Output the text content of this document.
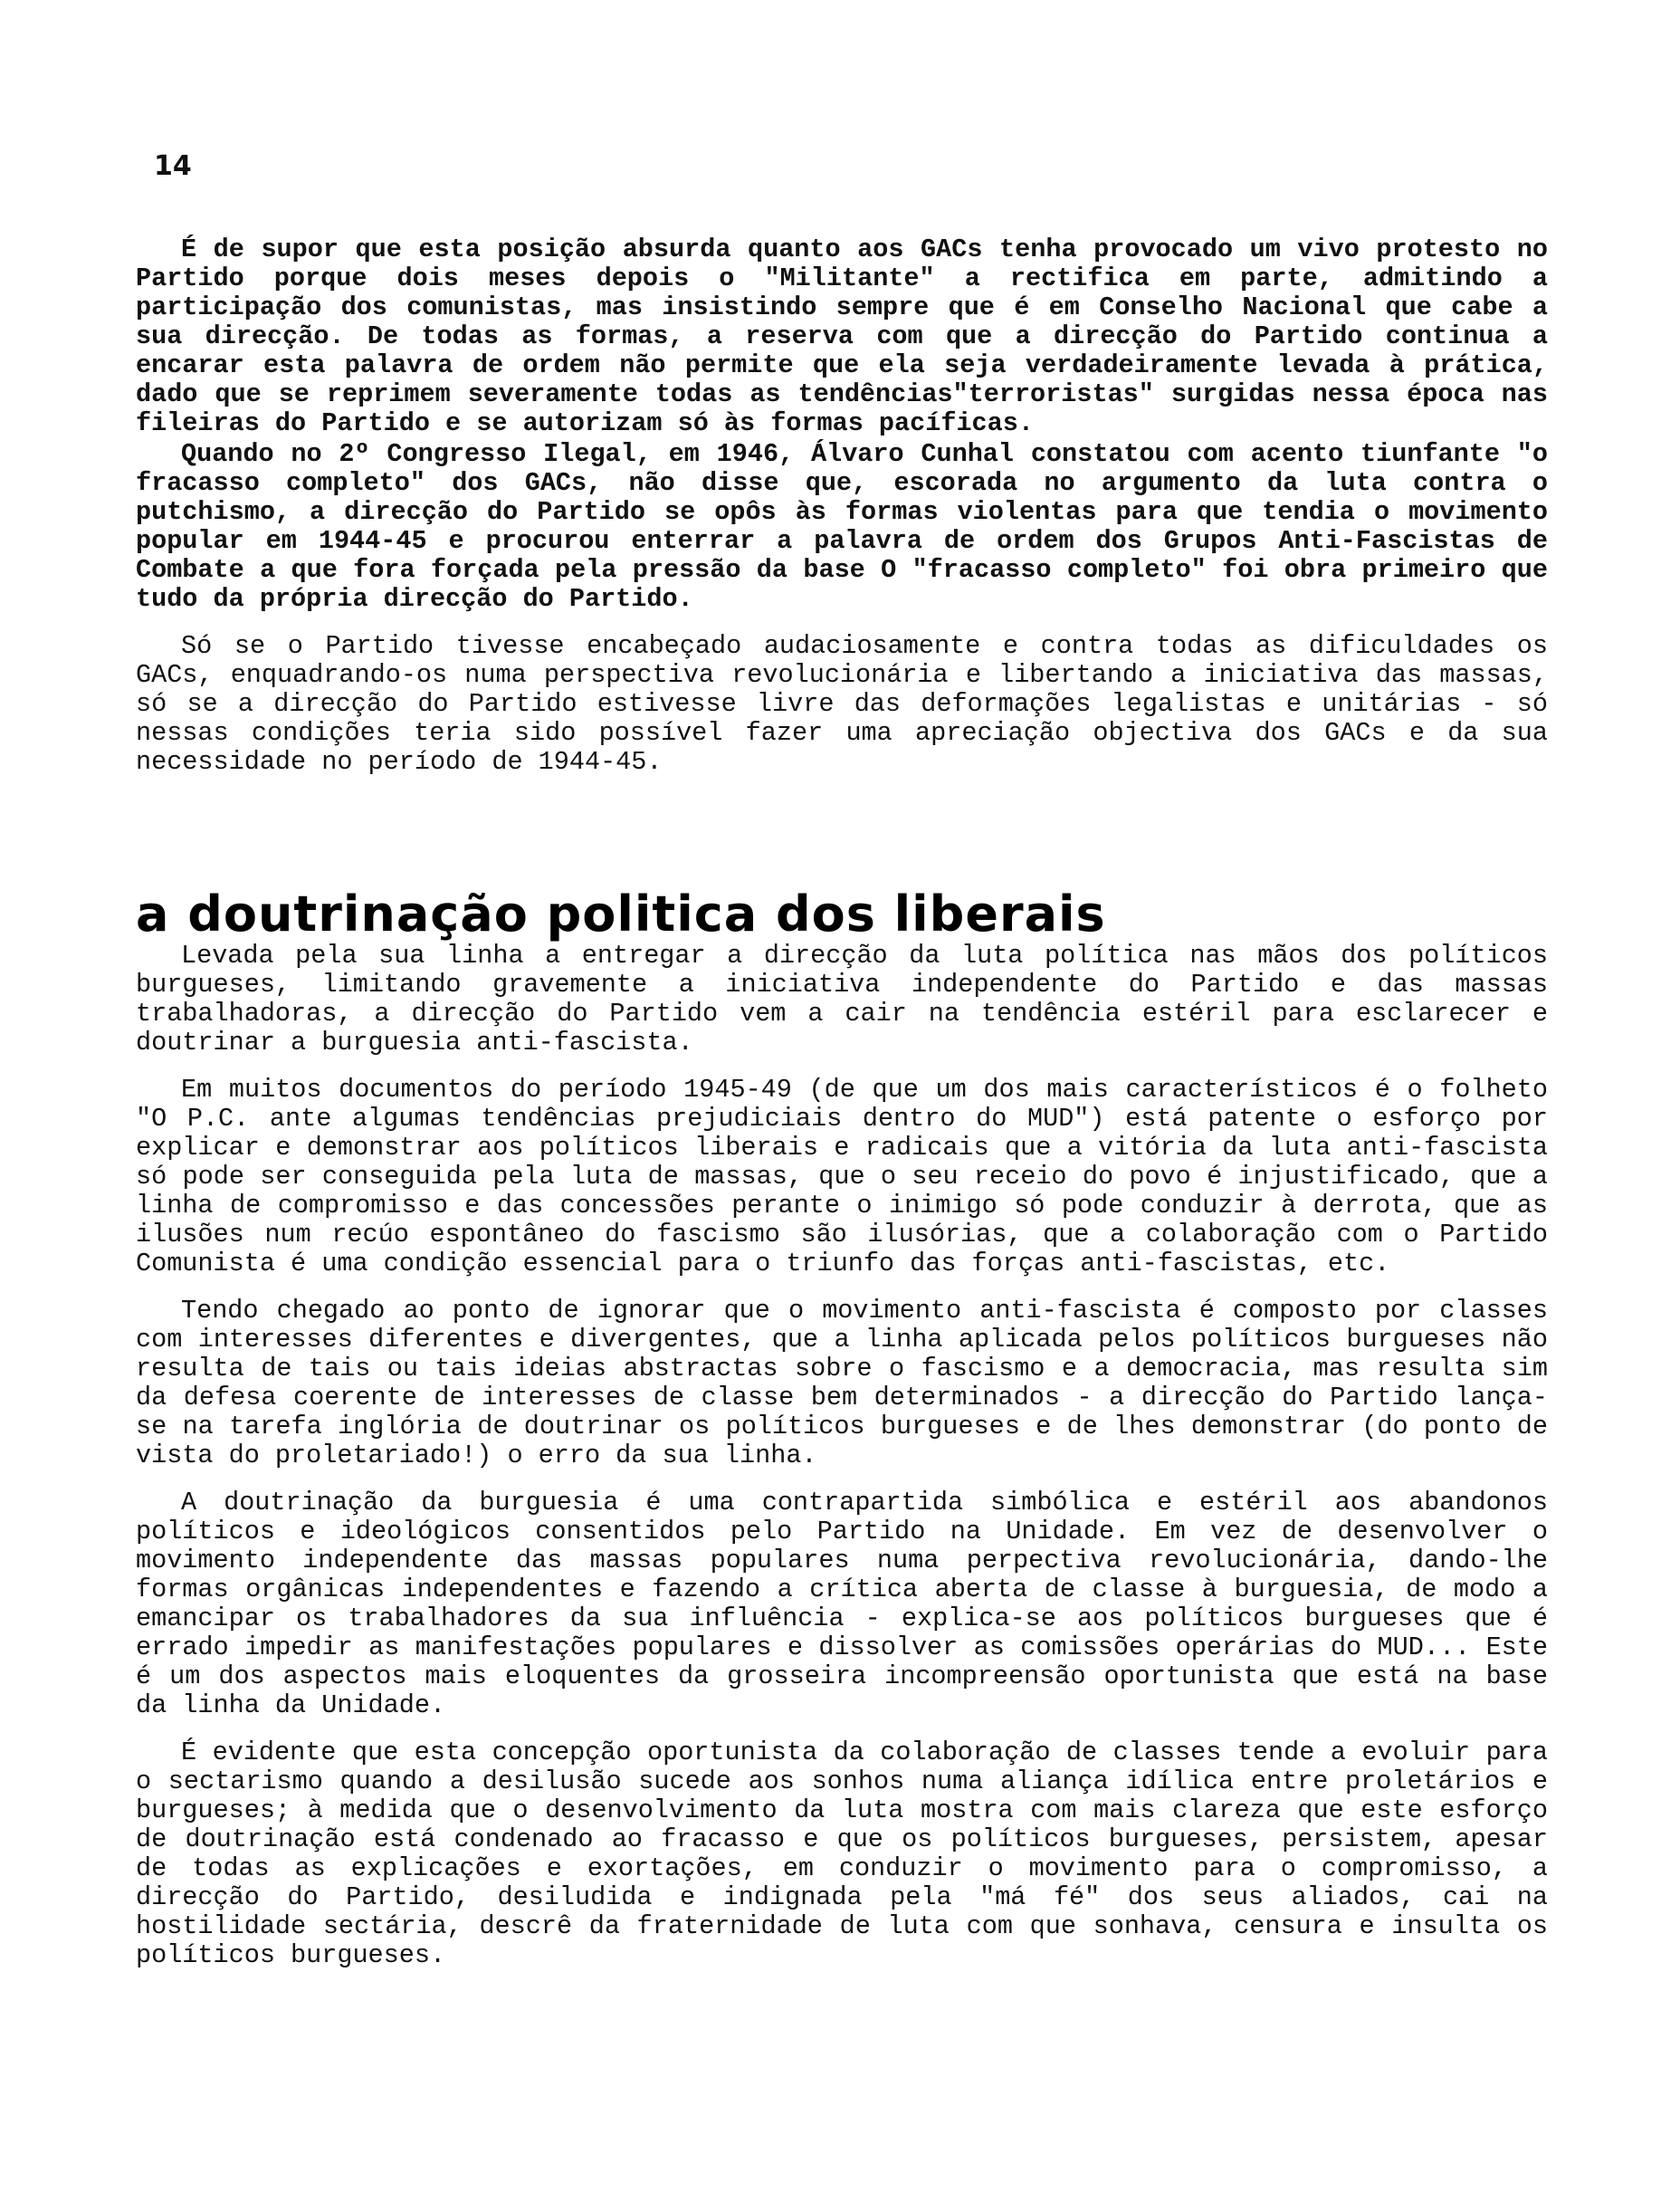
14

É de supor que esta posição absurda quanto aos GACs tenha provocado um vivo protesto no Partido porque dois meses depois o "Militante" a rectifica em parte, admitindo a participação dos comunistas, mas insistindo sempre que é em Conselho Nacional que cabe a sua direcção. De todas as formas, a reserva com que a direcção do Partido continua a encarar esta palavra de ordem não permite que ela seja verdadeiramente levada à prática, dado que se reprimem severamente todas as tendências"terroristas" surgidas nessa época nas fileiras do Partido e se autorizam só às formas pacíficas.

Quando no 2º Congresso Ilegal, em 1946, Álvaro Cunhal constatou com acento tiunfante "o fracasso completo" dos GACs, não disse que, escorada no argumento da luta contra o putchismo, a direcção do Partido se opôs às formas violentas para que tendia o movimento popular em 1944-45 e procurou enterrar a palavra de ordem dos Grupos Anti-Fascistas de Combate a que fora forçada pela pressão da base O "fracasso completo" foi obra primeiro que tudo da própria direcção do Partido.

Só se o Partido tivesse encabeçado audaciosamente e contra todas as dificuldades os GACs, enquadrando-os numa perspectiva revolucionária e libertando a iniciativa das massas, só se a direcção do Partido estivesse livre das deformações legalistas e unitárias - só nessas condições teria sido possível fazer uma apreciação objectiva dos GACs e da sua necessidade no período de 1944-45.

a doutrinação politica dos liberais

Levada pela sua linha a entregar a direcção da luta política nas mãos dos políticos burgueses, limitando gravemente a iniciativa independente do Partido e das massas trabalhadoras, a direcção do Partido vem a cair na tendência estéril para esclarecer e doutrinar a burguesia anti-fascista.

Em muitos documentos do período 1945-49 (de que um dos mais característicos é o folheto "O P.C. ante algumas tendências prejudiciais dentro do MUD") está patente o esforço por explicar e demonstrar aos políticos liberais e radicais que a vitória da luta anti-fascista só pode ser conseguida pela luta de massas, que o seu receio do povo é injustificado, que a linha de compromisso e das concessões perante o inimigo só pode conduzir à derrota, que as ilusões num recúo espontâneo do fascismo são ilusórias, que a colaboração com o Partido Comunista é uma condição essencial para o triunfo das forças anti-fascistas, etc.

Tendo chegado ao ponto de ignorar que o movimento anti-fascista é composto por classes com interesses diferentes e divergentes, que a linha aplicada pelos políticos burgueses não resulta de tais ou tais ideias abstractas sobre o fascismo e a democracia, mas resulta sim da defesa coerente de interesses de classe bem determinados - a direcção do Partido lança-se na tarefa inglória de doutrinar os políticos burgueses e de lhes demonstrar (do ponto de vista do proletariado!) o erro da sua linha.

A doutrinação da burguesia é uma contrapartida simbólica e estéril aos abandonos políticos e ideológicos consentidos pelo Partido na Unidade. Em vez de desenvolver o movimento independente das massas populares numa perpectiva revolucionária, dando-lhe formas orgânicas independentes e fazendo a crítica aberta de classe à burguesia, de modo a emancipar os trabalhadores da sua influência - explica-se aos políticos burgueses que é errado impedir as manifestações populares e dissolver as comissões operárias do MUD... Este é um dos aspectos mais eloquentes da grosseira incompreensão oportunista que está na base da linha da Unidade.

É evidente que esta concepção oportunista da colaboração de classes tende a evoluir para o sectarismo quando a desilusão sucede aos sonhos numa aliança idílica entre proletários e burgueses; à medida que o desenvolvimento da luta mostra com mais clareza que este esforço de doutrinação está condenado ao fracasso e que os políticos burgueses, persistem, apesar de todas as explicações e exortações, em conduzir o movimento para o compromisso, a direcção do Partido, desiludida e indignada pela "má fé" dos seus aliados, cai na hostilidade sectária, descrê da fraternidade de luta com que sonhava, censura e insulta os políticos burgueses.
